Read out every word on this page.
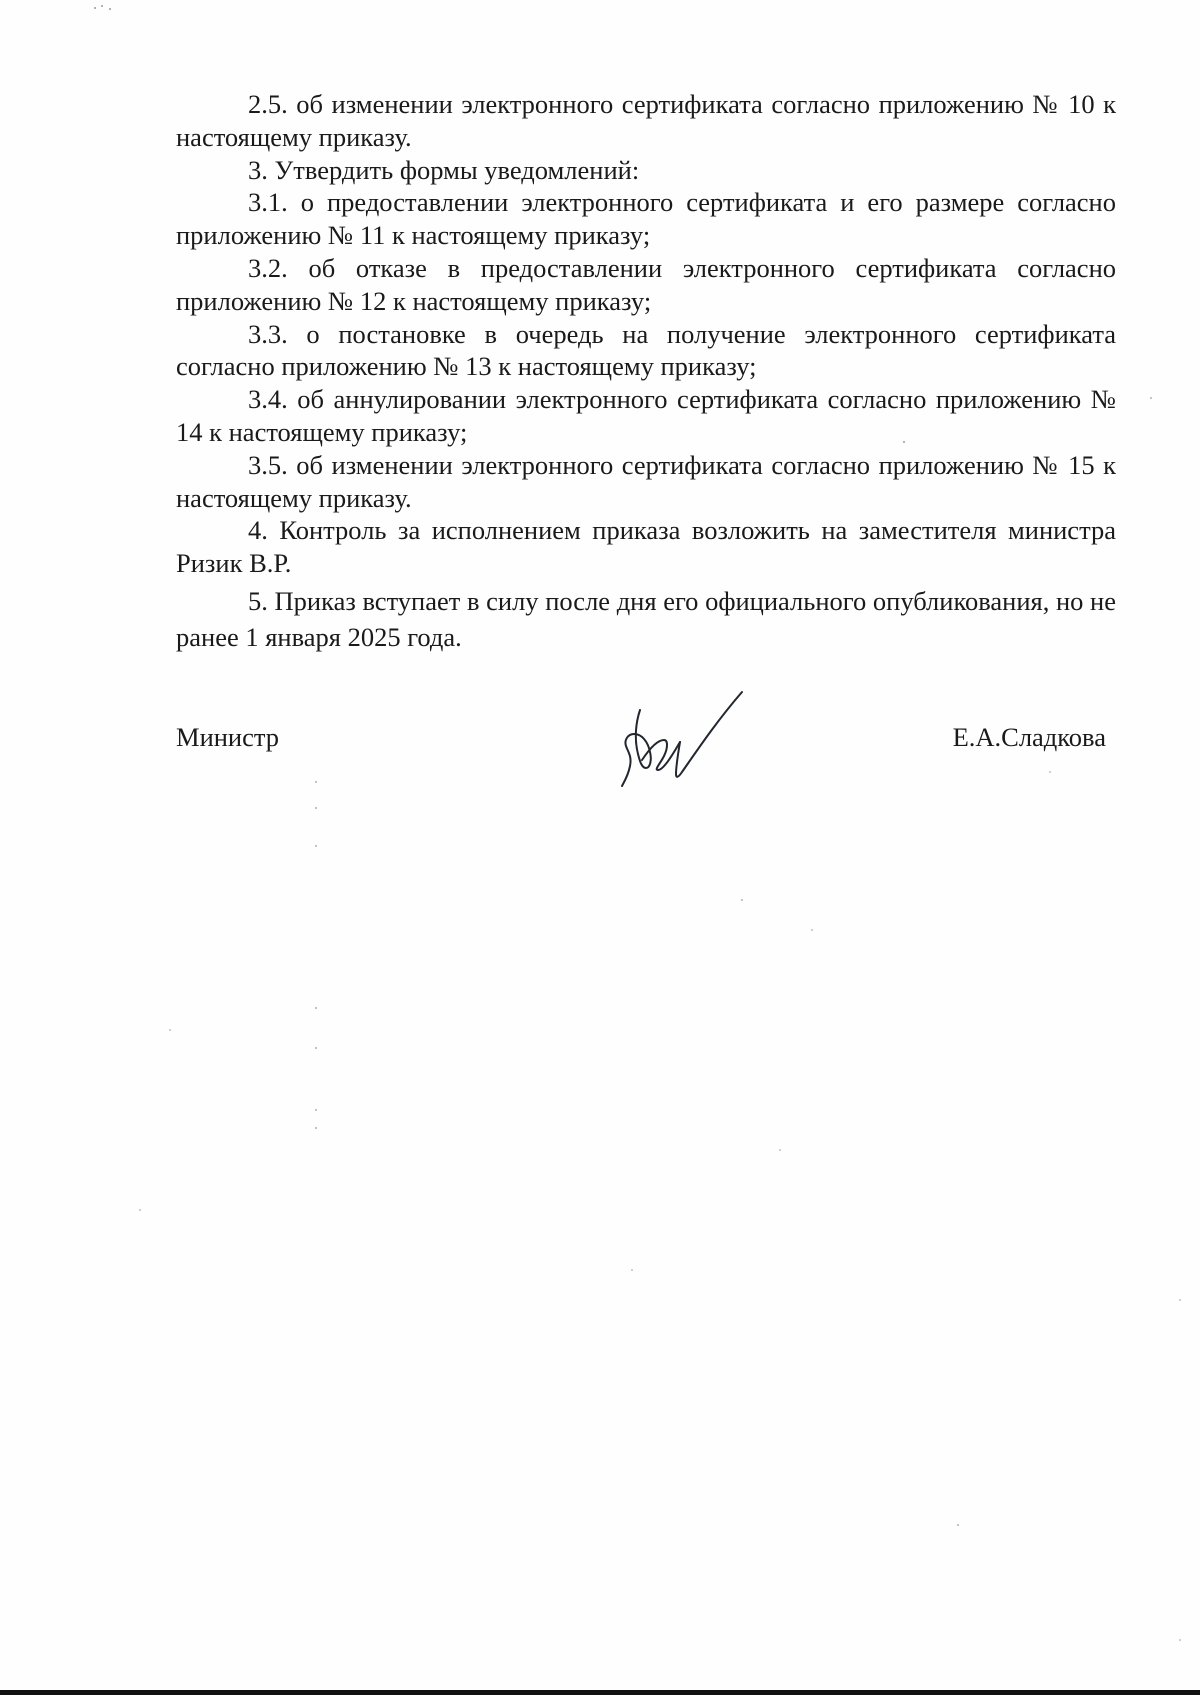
2.5. об изменении электронного сертификата согласно приложению № 10 к настоящему приказу.

3. Утвердить формы уведомлений:

3.1. о предоставлении электронного сертификата и его размере согласно приложению № 11 к настоящему приказу;

3.2. об отказе в предоставлении электронного сертификата согласно приложению № 12 к настоящему приказу;

3.3. о постановке в очередь на получение электронного сертификата согласно приложению № 13 к настоящему приказу;

3.4. об аннулировании электронного сертификата согласно приложению № 14 к настоящему приказу;

3.5. об изменении электронного сертификата согласно приложению № 15 к настоящему приказу.

4. Контроль за исполнением приказа возложить на заместителя министра Ризик В.Р.

5. Приказ вступает в силу после дня его официального опубликования, но не ранее 1 января 2025 года.

Министр	Е.А.Сладкова
